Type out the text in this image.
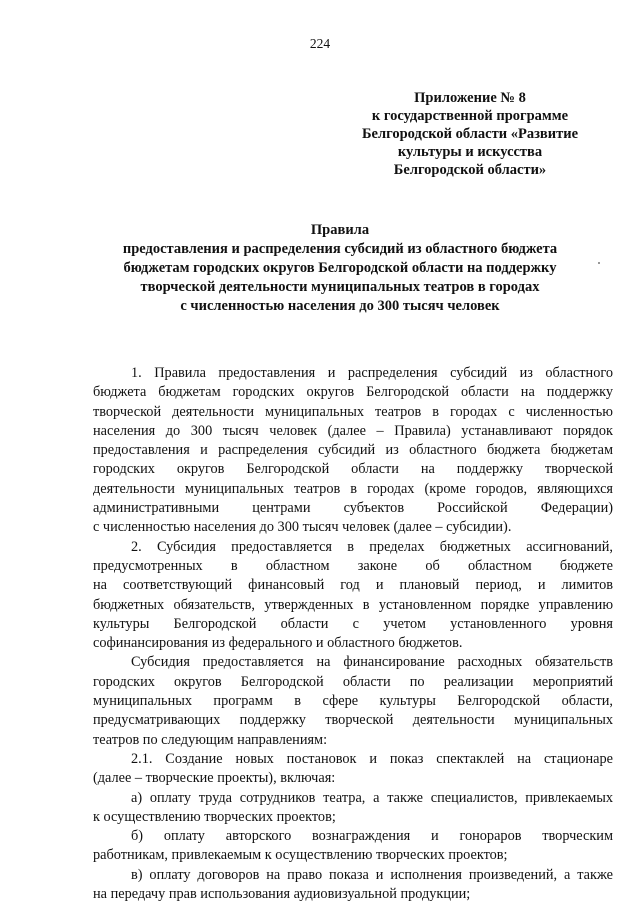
224
Приложение № 8
к государственной программе
Белгородской области «Развитие
культуры и искусства
Белгородской области»
Правила
предоставления и распределения субсидий из областного бюджета
бюджетам городских округов Белгородской области на поддержку
творческой деятельности муниципальных театров в городах
с численностью населения до 300 тысяч человек
1. Правила предоставления и распределения субсидий из областного
бюджета бюджетам городских округов Белгородской области на поддержку
творческой деятельности муниципальных театров в городах с численностью
населения до 300 тысяч человек (далее – Правила) устанавливают порядок
предоставления и распределения субсидий из областного бюджета бюджетам
городских округов Белгородской области на поддержку творческой
деятельности муниципальных театров в городах (кроме городов, являющихся
административными центрами субъектов Российской Федерации)
с численностью населения до 300 тысяч человек (далее – субсидии).
2. Субсидия предоставляется в пределах бюджетных ассигнований,
предусмотренных в областном законе об областном бюджете
на соответствующий финансовый год и плановый период, и лимитов
бюджетных обязательств, утвержденных в установленном порядке управлению
культуры Белгородской области с учетом установленного уровня
софинансирования из федерального и областного бюджетов.
Субсидия предоставляется на финансирование расходных обязательств
городских округов Белгородской области по реализации мероприятий
муниципальных программ в сфере культуры Белгородской области,
предусматривающих поддержку творческой деятельности муниципальных
театров по следующим направлениям:
2.1. Создание новых постановок и показ спектаклей на стационаре
(далее – творческие проекты), включая:
а) оплату труда сотрудников театра, а также специалистов, привлекаемых
к осуществлению творческих проектов;
б) оплату авторского вознаграждения и гонораров творческим
работникам, привлекаемым к осуществлению творческих проектов;
в) оплату договоров на право показа и исполнения произведений, а также
на передачу прав использования аудиовизуальной продукции;
